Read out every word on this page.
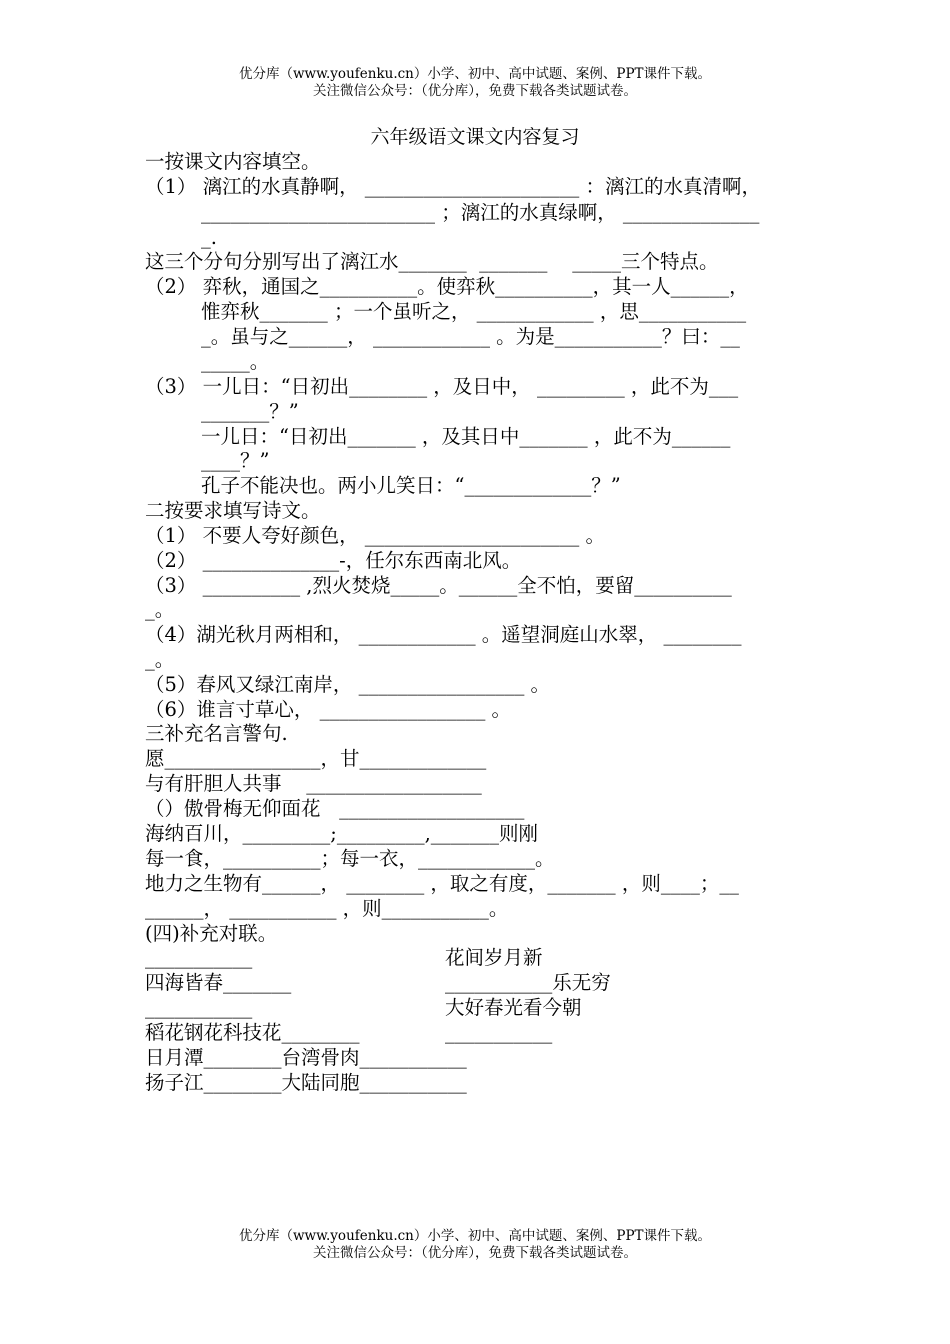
优分库（www.youfenku.cn）小学、初中、高中试题、案例、PPT课件下载。
关注微信公众号：（优分库），免费下载各类试题试卷。
六年级语文课文内容复习
一按课文内容填空。
（1） 漓江的水真静啊， ______________________ ：漓江的水真清啊，
________________________ ；漓江的水真绿啊， ______________
_.
这三个分句分别写出了漓江水_______  _______    _____三个特点。
（2） 弈秋，通国之__________。使弈秋__________，其一人______，
惟弈秋_______ ；一个虽听之， ____________ ，思___________
_。虽与之______， ____________ 。为是___________？曰：__
_____。
（3） 一儿日：“日初出________ ，及日中， _________ ，此不为___
_______？”
一儿日：“日初出_______ ，及其日中_______ ，此不为______
____？”
孔子不能决也。两小儿笑日：“_____________？”
二按要求填写诗文。
（1） 不要人夸好颜色， ______________________ 。
（2） ______________-，任尔东西南北风。
（3） __________ ,烈火焚烧_____。______全不怕，要留__________
_。
（4）湖光秋月两相和， ____________ 。遥望洞庭山水翠， ________
_。
（5）春风又绿江南岸， _________________ 。
（6）谁言寸草心， _________________ 。
三补充名言警句.
愿________________，甘_____________
与有肝胆人共事    __________________
（）傲骨梅无仰面花   ___________________
海纳百川，_________;_________,_______则刚
每一食，__________；每一衣，____________。
地力之生物有______， ________ ，取之有度，_______ ，则____；__
______， ___________ ，则___________。
(四)补充对联。
___________
四海皆春_______
___________
稻花钢花科技花________
日月潭________台湾骨肉___________
扬子江________大陆同胞___________
花间岁月新
___________乐无穷
大好春光看今朝
___________
优分库（www.youfenku.cn）小学、初中、高中试题、案例、PPT课件下载。
关注微信公众号：（优分库），免费下载各类试题试卷。
